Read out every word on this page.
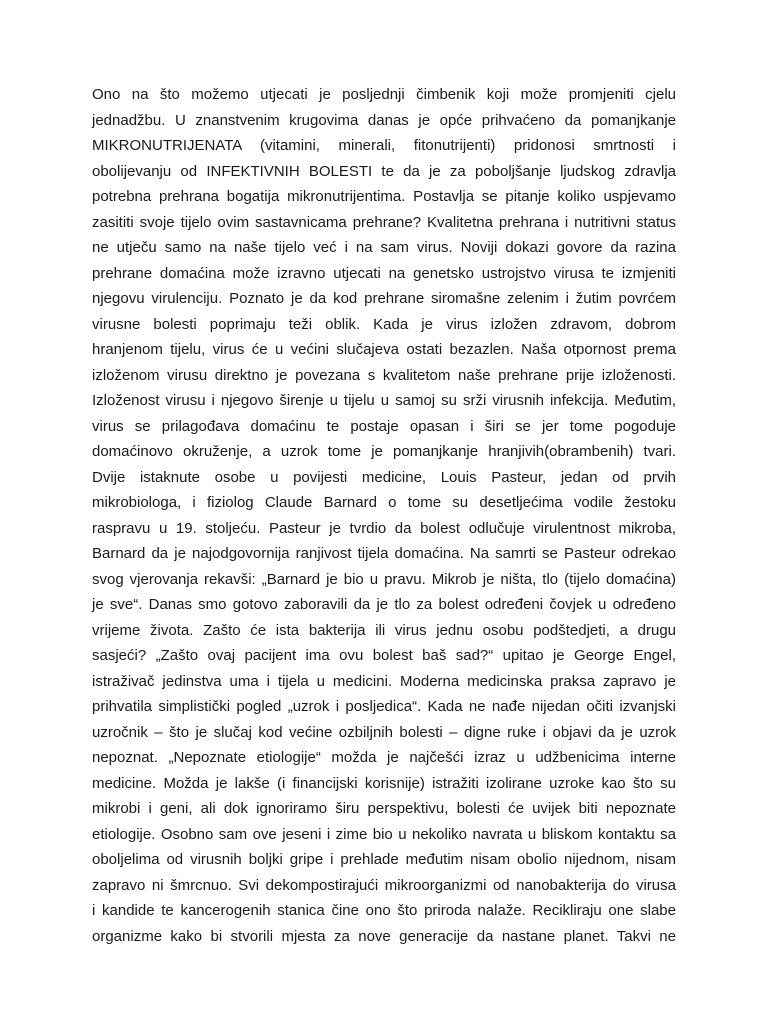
Ono na što možemo utjecati je posljednji čimbenik koji može promjeniti cjelu
jednadžbu. U znanstvenim krugovima danas je opće prihvaćeno da pomanjkanje
MIKRONUTRIJENATA (vitamini, minerali, fitonutrijenti) pridonosi smrtnosti i
obolijevanju od INFEKTIVNIH BOLESTI te da je za poboljšanje ljudskog zdravlja
potrebna prehrana bogatija mikronutrijentima. Postavlja se pitanje koliko uspjevamo
zasititi svoje tijelo ovim sastavnicama prehrane? Kvalitetna prehrana i nutritivni status
ne utječu samo na naše tijelo već i na sam virus. Noviji dokazi govore da razina
prehrane domaćina može izravno utjecati na genetsko ustrojstvo virusa te izmjeniti
njegovu virulenciju. Poznato je da kod prehrane siromašne zelenim i žutim povrćem
virusne bolesti poprimaju teži oblik. Kada je virus izložen zdravom, dobrom
hranjenom tijelu, virus će u većini slučajeva ostati bezazlen. Naša otpornost prema
izloženom virusu direktno je povezana s kvalitetom naše prehrane prije izloženosti.
Izloženost virusu i njegovo širenje u tijelu u samoj su srži virusnih infekcija. Međutim,
virus se prilagođava domaćinu te postaje opasan i širi se jer tome pogoduje
domaćinovo okruženje, a uzrok tome je pomanjkanje hranjivih(obrambenih) tvari.
Dvije istaknute osobe u povijesti medicine, Louis Pasteur, jedan od prvih
mikrobiologa, i fiziolog Claude Barnard o tome su desetljećima vodile žestoku
raspravu u 19. stoljeću. Pasteur je tvrdio da bolest odlučuje virulentnost mikroba,
Barnard da je najodgovornija ranjivost tijela domaćina. Na samrti se Pasteur odrekao
svog vjerovanja rekavši: „Barnard je bio u pravu. Mikrob je ništa, tlo (tijelo domaćina)
je sve“. Danas smo gotovo zaboravili da je tlo za bolest određeni čovjek u određeno
vrijeme života. Zašto će ista bakterija ili virus jednu osobu podštedjeti, a drugu
sasjeći? „Zašto ovaj pacijent ima ovu bolest baš sad?“ upitao je George Engel,
istraživač jedinstva uma i tijela u medicini. Moderna medicinska praksa zapravo je
prihvatila simplistički pogled „uzrok i posljedica“. Kada ne nađe nijedan očiti izvanjski
uzročnik – što je slučaj kod većine ozbiljnih bolesti – digne ruke i objavi da je uzrok
nepoznat. „Nepoznate etiologije“ možda je najčešći izraz u udžbenicima interne
medicine. Možda je lakše (i financijski korisnije) istražiti izolirane uzroke kao što su
mikrobi i geni, ali dok ignoriramo širu perspektivu, bolesti će uvijek biti nepoznate
etiologije. Osobno sam ove jeseni i zime bio u nekoliko navrata u bliskom kontaktu sa
oboljelima od virusnih boljki gripe i prehlade međutim nisam obolio nijednom, nisam
zapravo ni šmrcnuo. Svi dekompostirajući mikroorganizmi od nanobakterija do virusa
i kandide te kancerogenih stanica čine ono što priroda nalaže. Recikliraju one slabe
organizme kako bi stvorili mjesta za nove generacije da nastane planet. Takvi ne
